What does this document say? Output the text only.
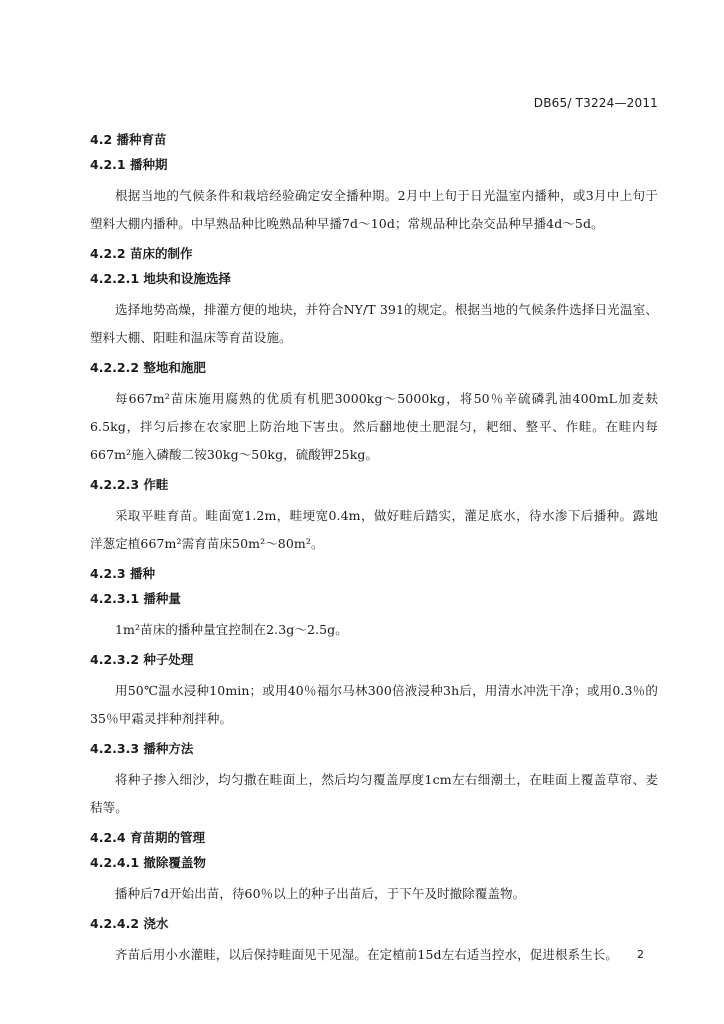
DB65/ T3224—2011
4.2 播种育苗
4.2.1 播种期

根据当地的气候条件和栽培经验确定安全播种期。2月中上旬于日光温室内播种，或3月中上旬于塑料大棚内播种。中早熟品种比晚熟品种早播7d～10d；常规品种比杂交品种早播4d～5d。

4.2.2 苗床的制作
4.2.2.1 地块和设施选择

选择地势高燥，排灌方便的地块，并符合NY/T 391的规定。根据当地的气候条件选择日光温室、塑料大棚、阳畦和温床等育苗设施。

4.2.2.2 整地和施肥

每667m²苗床施用腐熟的优质有机肥3000kg～5000kg，将50％辛硫磷乳油400mL加麦麸6.5kg，拌匀后掺在农家肥上防治地下害虫。然后翻地使土肥混匀，耙细、整平、作畦。在畦内每667m²施入磷酸二铵30kg～50kg，硫酸钾25kg。

4.2.2.3 作畦

采取平畦育苗。畦面宽1.2m，畦埂宽0.4m，做好畦后踏实，灌足底水，待水渗下后播种。露地洋葱定植667m²需育苗床50m²～80m²。

4.2.3 播种
4.2.3.1 播种量

1m²苗床的播种量宜控制在2.3g～2.5g。

4.2.3.2 种子处理

用50℃温水浸种10min；或用40％福尔马林300倍液浸种3h后，用清水冲洗干净；或用0.3％的35％甲霜灵拌种剂拌种。

4.2.3.3 播种方法

将种子掺入细沙，均匀撒在畦面上，然后均匀覆盖厚度1cm左右细潮土，在畦面上覆盖草帘、麦秸等。

4.2.4 育苗期的管理
4.2.4.1 撤除覆盖物

播种后7d开始出苗，待60％以上的种子出苗后，于下午及时撤除覆盖物。

4.2.4.2 浇水

齐苗后用小水灌畦，以后保持畦面见干见湿。在定植前15d左右适当控水，促进根系生长。	2
